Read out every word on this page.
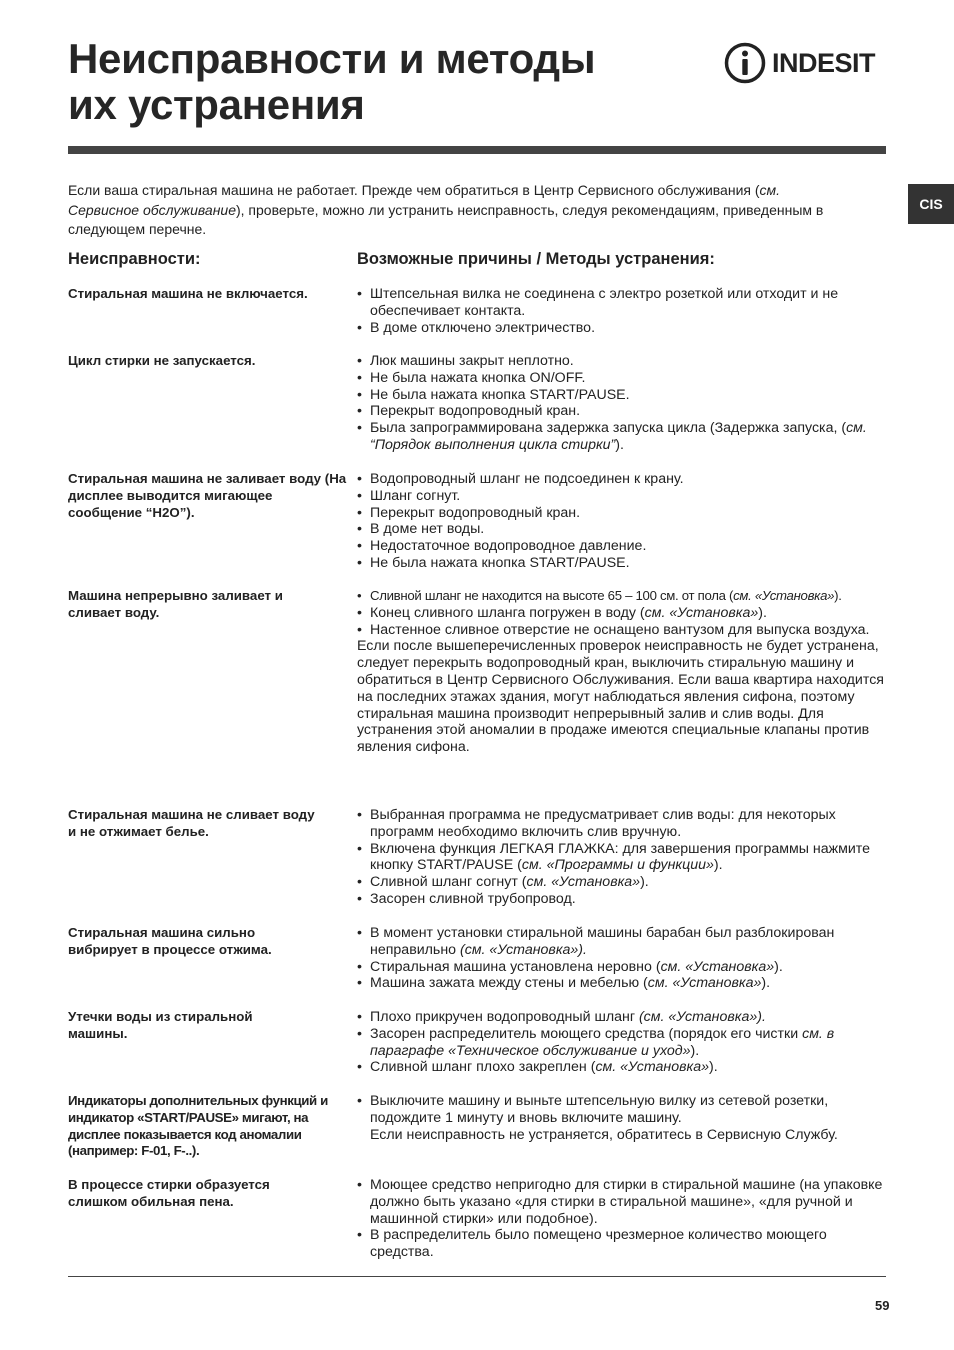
Неисправности и методы
их устранения
INDESIT
CIS
Если ваша стиральная машина не работает. Прежде чем обратиться в Центр Сервисного обслуживания (см. Сервисное обслуживание), проверьте, можно ли устранить неисправность, следуя рекомендациям, приведенным в следующем перечне.
Неисправности:	Возможные причины / Методы устранения:
Стиральная машина не включается.	• Штепсельная вилка не соединена с электро розеткой или отходит и не обеспечивает контакта.
• В доме отключено электричество.
Цикл стирки не запускается.	• Люк машины закрыт неплотно.
• Не была нажата кнопка ON/OFF.
• Не была нажата кнопка START/PAUSE.
• Перекрыт водопроводный кран.
• Была запрограммирована задержка запуска цикла (Задержка запуска, (см. “Порядок выполнения цикла стирки”).
Стиральная машина не заливает воду (На дисплее выводится мигающее сообщение “H2O”).
• Водопроводный шланг не подсоединен к крану.
• Шланг согнут.
• Перекрыт водопроводный кран.
• В доме нет воды.
• Недостаточное водопроводное давление.
• Не была нажата кнопка START/PAUSE.
Машина непрерывно заливает и сливает воду.
• Сливной шланг не находится на высоте 65 – 100 см. от пола (см. «Установка»).
• Конец сливного шланга погружен в воду (см. «Установка»).
• Настенное сливное отверстие не оснащено вантузом для выпуска воздуха.
Если после вышеперечисленных проверок неисправность не будет устранена, следует перекрыть водопроводный кран, выключить стиральную машину и обратиться в Центр Сервисного Обслуживания. Если ваша квартира находится на последних этажах здания, могут наблюдаться явления сифона, поэтому стиральная машина производит непрерывный залив и слив воды. Для устранения этой аномалии в продаже имеются специальные клапаны против явления сифона.
Стиральная машина не сливает воду и не отжимает белье.
• Выбранная программа не предусматривает слив воды: для некоторых программ необходимо включить слив вручную.
• Включена функция ЛЕГКАЯ ГЛАЖКА: для завершения программы нажмите кнопку START/PAUSE (см. «Программы и функции»).
• Сливной шланг согнут (см. «Установка»).
• Засорен сливной трубопровод.
Стиральная машина сильно вибрирует в процессе отжима.
• В момент установки стиральной машины барабан был разблокирован неправильно (см. «Установка»).
• Стиральная машина установлена неровно (см. «Установка»).
• Машина зажата между стены и мебелью (см. «Установка»).
Утечки воды из стиральной машины.
• Плохо прикручен водопроводный шланг (см. «Установка»).
• Засорен распределитель моющего средства (порядок его чистки см. в параграфе «Техническое обслуживание и уход»).
• Сливной шланг плохо закреплен (см. «Установка»).
Индикаторы дополнительных функций и индикатор «START/PAUSE» мигают, на дисплее показывается код аномалии (например: F-01, F-..).
• Выключите машину и выньте штепсельную вилку из сетевой розетки, подождите 1 минуту и вновь включите машину.
Если неисправность не устраняется, обратитесь в Сервисную Службу.
В процессе стирки образуется слишком обильная пена.
• Моющее средство непригодно для стирки в стиральной машине (на упаковке должно быть указано «для стирки в стиральной машине», «для ручной и машинной стирки» или подобное).
• В распределитель было помещено чрезмерное количество моющего средства.
59
